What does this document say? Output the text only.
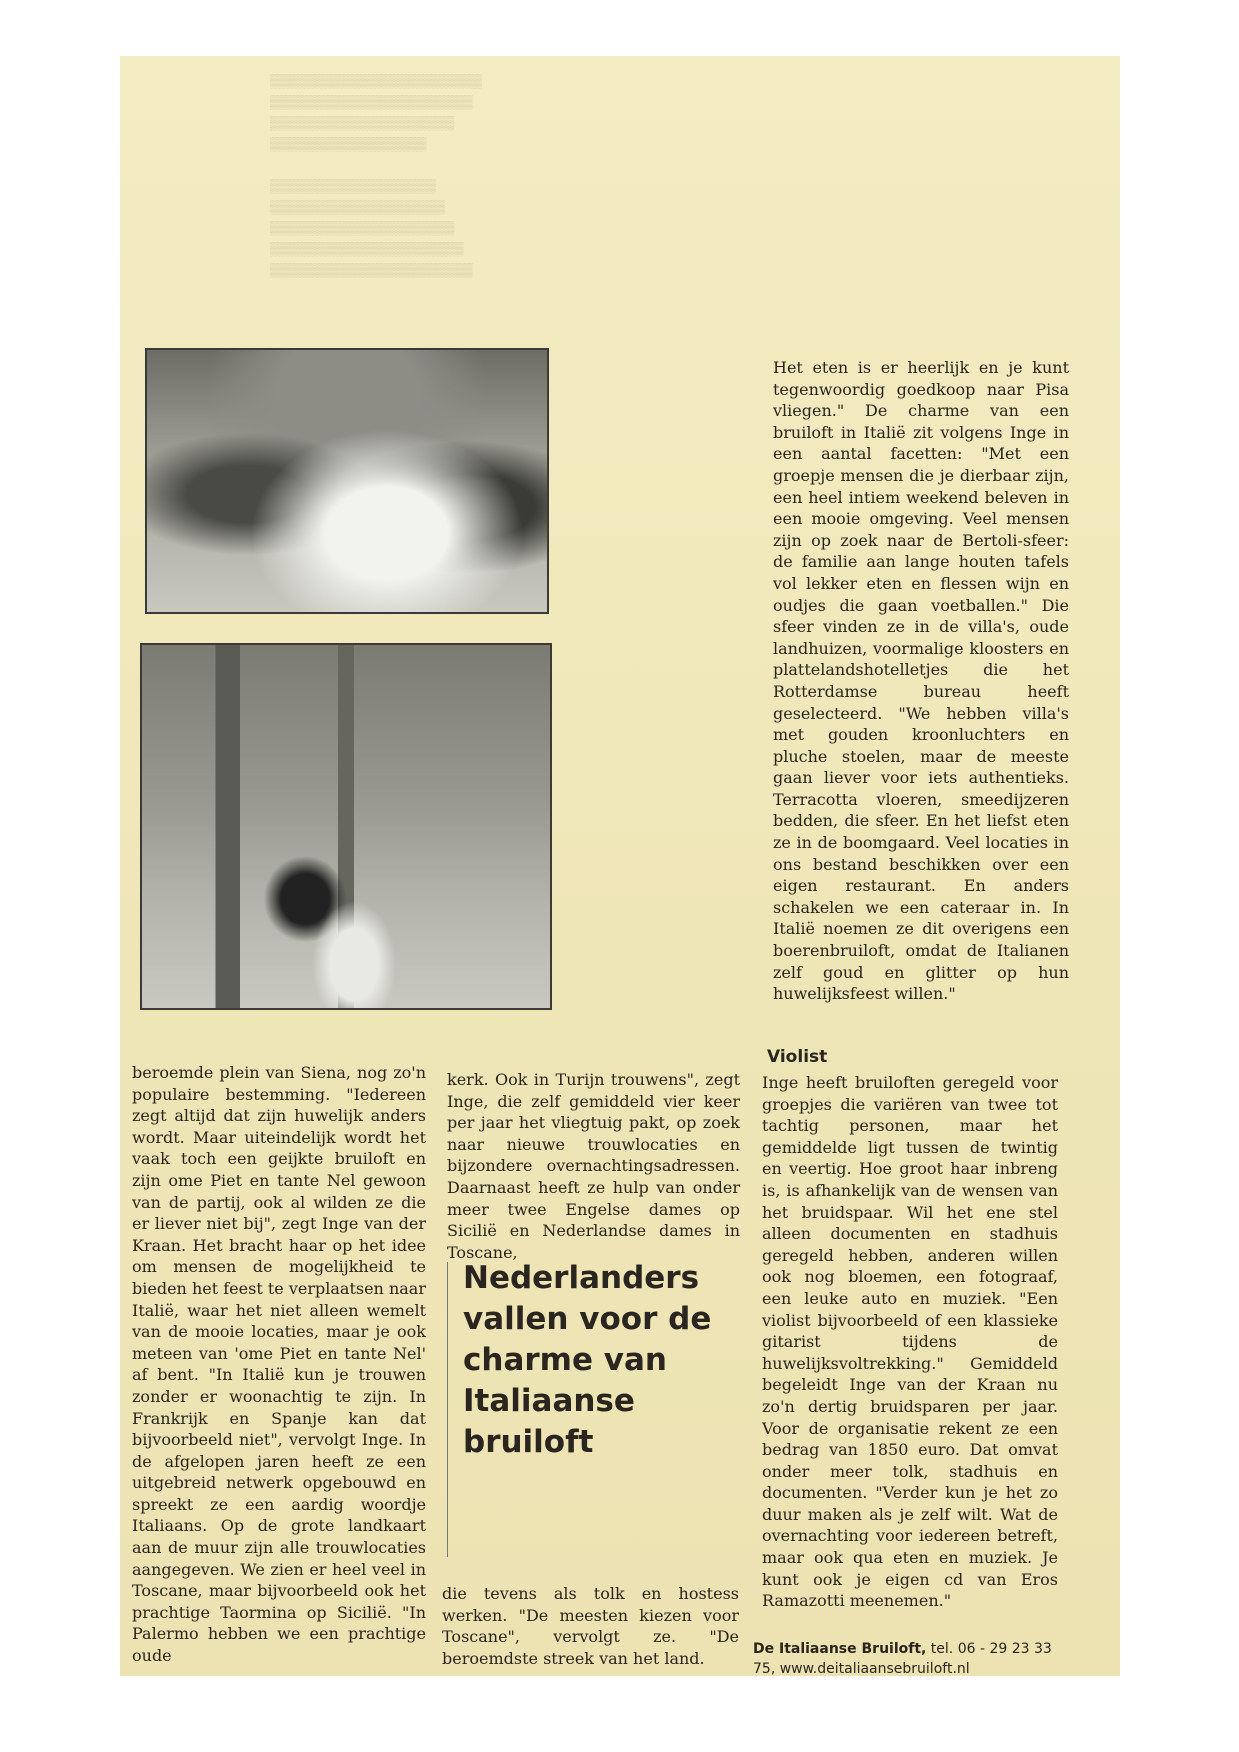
▒▒▒▒▒▒▒▒▒▒▒▒▒▒▒▒▒▒▒▒▒▒▒
▒▒▒▒▒▒▒▒▒▒▒▒▒▒▒▒▒▒▒▒▒▒
▒▒▒▒▒▒▒▒▒▒▒▒▒▒▒▒▒▒▒▒
▒▒▒▒▒▒▒▒▒▒▒▒▒▒▒▒▒

▒▒▒▒▒▒▒▒▒▒▒▒▒▒▒▒▒▒
▒▒▒▒▒▒▒▒▒▒▒▒▒▒▒▒▒▒▒
▒▒▒▒▒▒▒▒▒▒▒▒▒▒▒▒▒▒▒▒
▒▒▒▒▒▒▒▒▒▒▒▒▒▒▒▒▒▒▒▒▒
▒▒▒▒▒▒▒▒▒▒▒▒▒▒▒▒▒▒▒▒▒▒

Het eten is er heerlijk en je kunt tegenwoordig goedkoop naar Pisa vliegen." De charme van een bruiloft in Italië zit volgens Inge in een aantal facetten: "Met een groepje mensen die je dierbaar zijn, een heel intiem weekend beleven in een mooie omgeving. Veel mensen zijn op zoek naar de Bertoli-sfeer: de familie aan lange houten tafels vol lekker eten en flessen wijn en oudjes die gaan voetballen." Die sfeer vinden ze in de villa's, oude landhuizen, voormalige kloosters en plattelandshotelletjes die het Rotterdamse bureau heeft geselecteerd. "We hebben villa's met gouden kroonluchters en pluche stoelen, maar de meeste gaan liever voor iets authentieks. Terracotta vloeren, smeedijzeren bedden, die sfeer. En het liefst eten ze in de boomgaard. Veel locaties in ons bestand beschikken over een eigen restaurant. En anders schakelen we een cateraar in. In Italië noemen ze dit overigens een boerenbruiloft, omdat de Italianen zelf goud en glitter op hun huwelijksfeest willen."

beroemde plein van Siena, nog zo'n populaire bestemming. "Iedereen zegt altijd dat zijn huwelijk anders wordt. Maar uiteindelijk wordt het vaak toch een geijkte bruiloft en zijn ome Piet en tante Nel gewoon van de partij, ook al wilden ze die er liever niet bij", zegt Inge van der Kraan. Het bracht haar op het idee om mensen de mogelijkheid te bieden het feest te verplaatsen naar Italië, waar het niet alleen wemelt van de mooie locaties, maar je ook meteen van 'ome Piet en tante Nel' af bent. "In Italië kun je trouwen zonder er woonachtig te zijn. In Frankrijk en Spanje kan dat bijvoorbeeld niet", vervolgt Inge. In de afgelopen jaren heeft ze een uitgebreid netwerk opgebouwd en spreekt ze een aardig woordje Italiaans. Op de grote landkaart aan de muur zijn alle trouwlocaties aangegeven. We zien er heel veel in Toscane, maar bijvoorbeeld ook het prachtige Taormina op Sicilië. "In Palermo hebben we een prachtige oude

kerk. Ook in Turijn trouwens", zegt Inge, die zelf gemiddeld vier keer per jaar het vliegtuig pakt, op zoek naar nieuwe trouwlocaties en bijzondere overnachtingsadressen. Daarnaast heeft ze hulp van onder meer twee Engelse dames op Sicilië en Nederlandse dames in Toscane,

Nederlanders vallen voor de charme van Italiaanse bruiloft

die tevens als tolk en hostess werken. "De meesten kiezen voor Toscane", vervolgt ze. "De beroemdste streek van het land.

Violist

Inge heeft bruiloften geregeld voor groepjes die variëren van twee tot tachtig personen, maar het gemiddelde ligt tussen de twintig en veertig. Hoe groot haar inbreng is, is afhankelijk van de wensen van het bruidspaar. Wil het ene stel alleen documenten en stadhuis geregeld hebben, anderen willen ook nog bloemen, een fotograaf, een leuke auto en muziek. "Een violist bijvoorbeeld of een klassieke gitarist tijdens de huwelijksvoltrekking." Gemiddeld begeleidt Inge van der Kraan nu zo'n dertig bruidsparen per jaar. Voor de organisatie rekent ze een bedrag van 1850 euro. Dat omvat onder meer tolk, stadhuis en documenten. "Verder kun je het zo duur maken als je zelf wilt. Wat de overnachting voor iedereen betreft, maar ook qua eten en muziek. Je kunt ook je eigen cd van Eros Ramazotti meenemen."

De Italiaanse Bruiloft, tel. 06 - 29 23 33 75, www.deitaliaansebruiloft.nl
